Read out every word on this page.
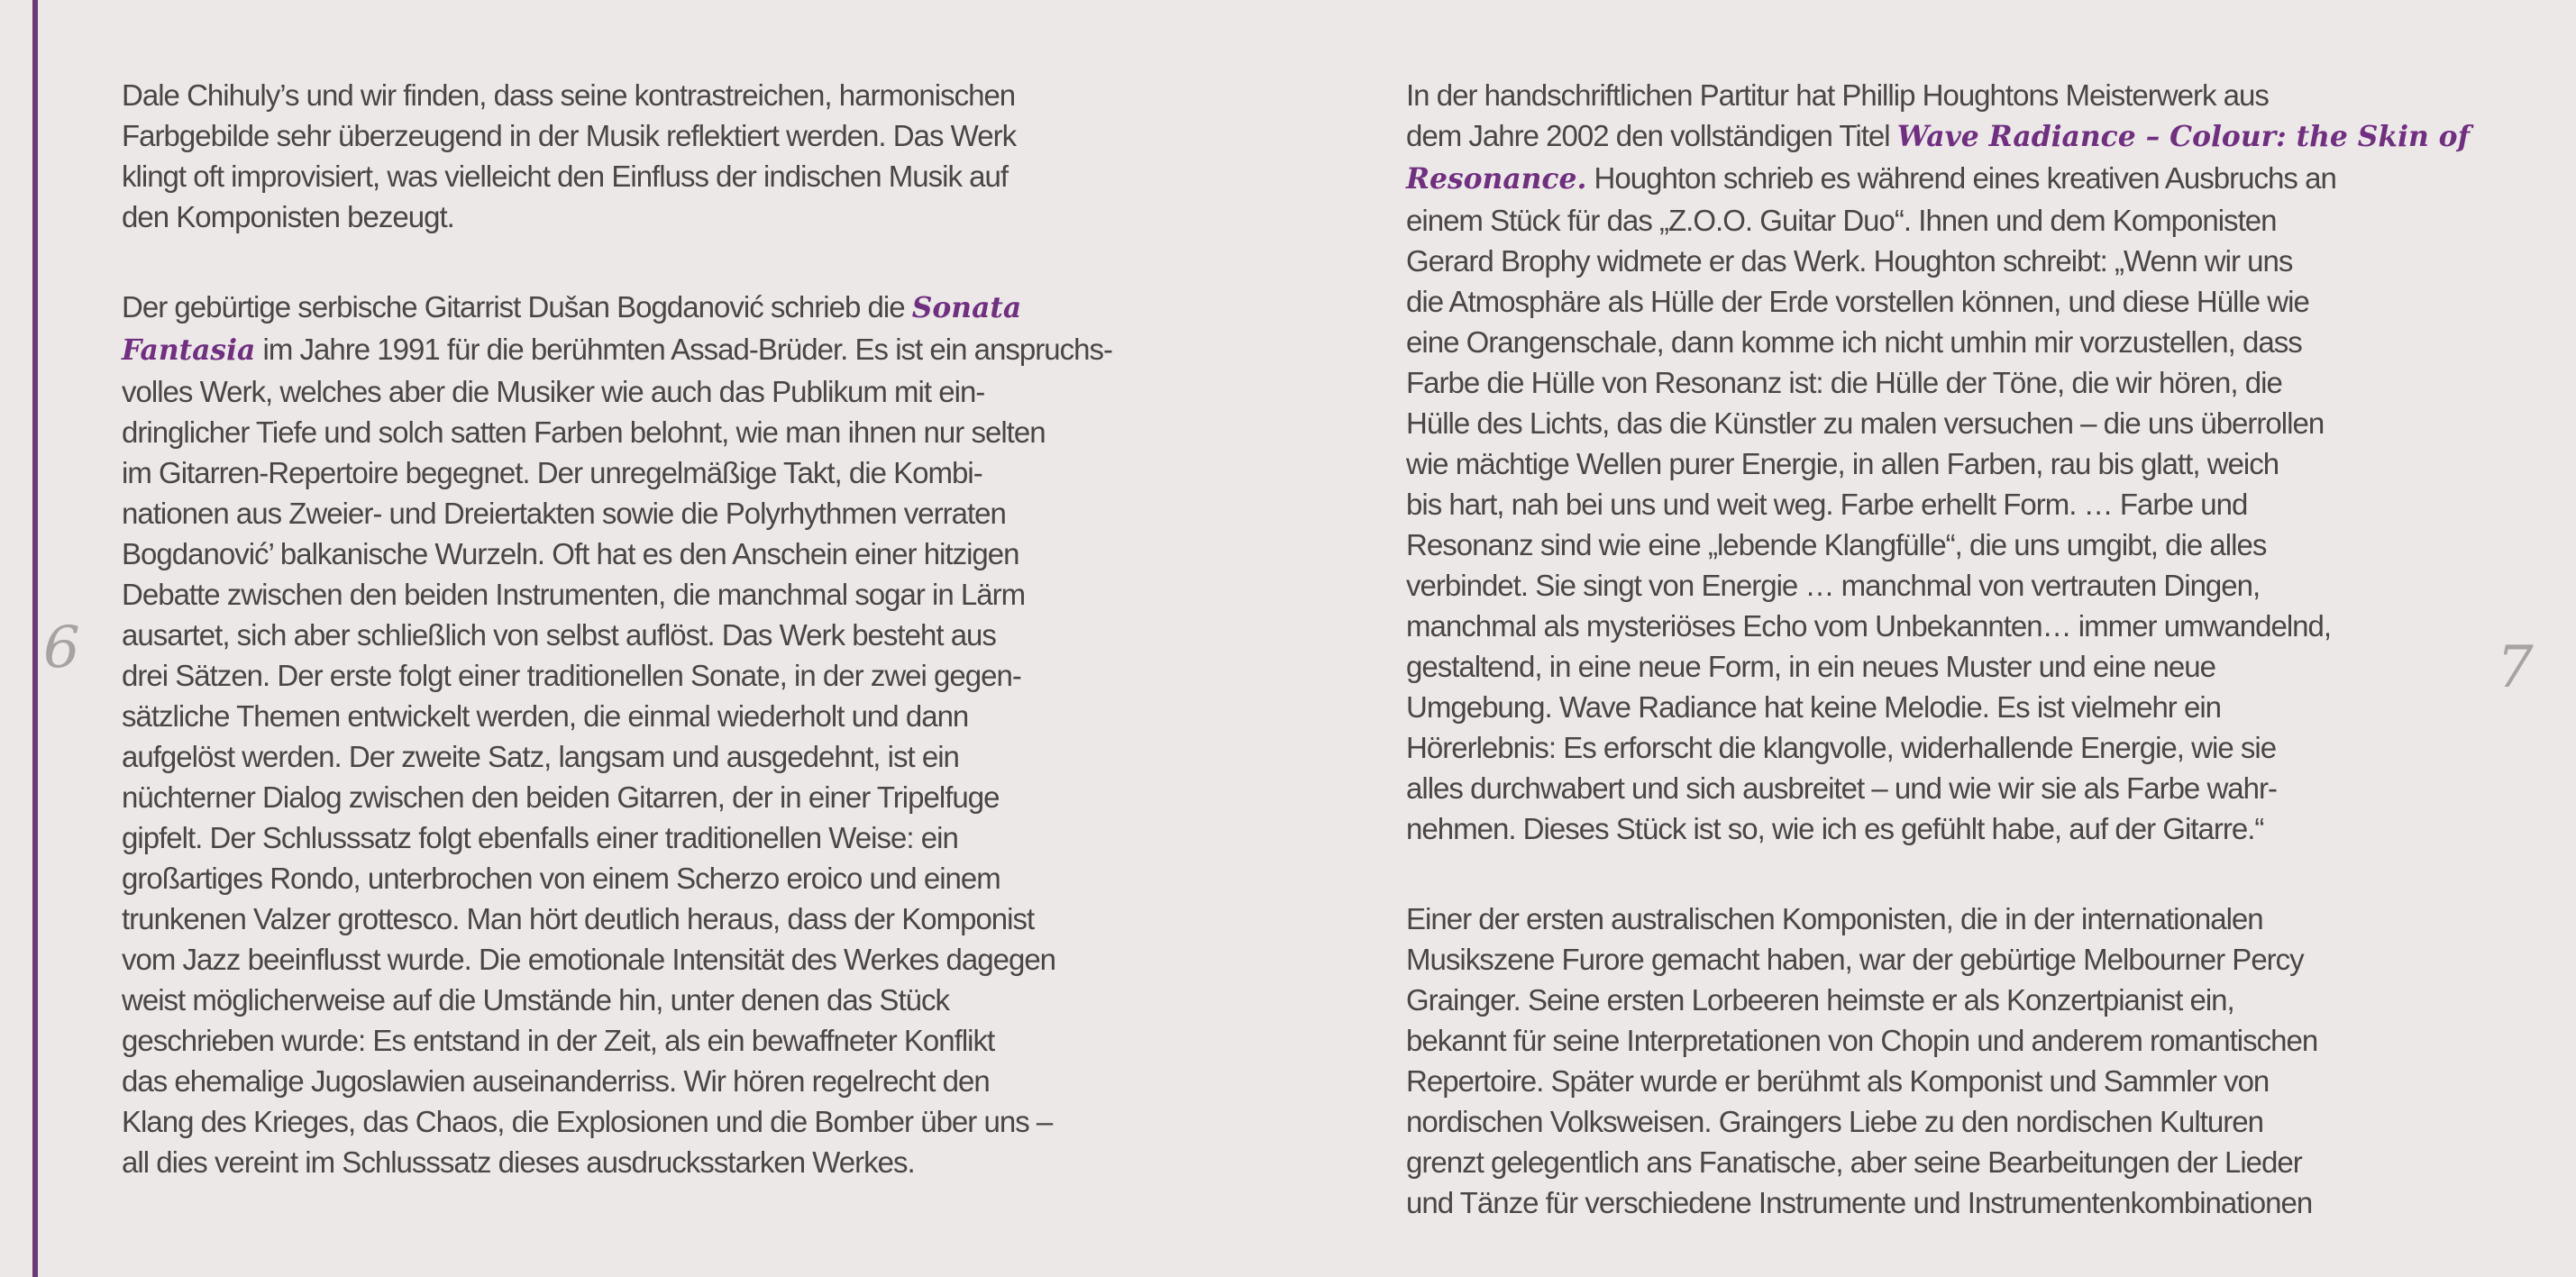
6	7
Dale Chihuly’s und wir finden, dass seine kontrastreichen, harmonischen
Farbgebilde sehr überzeugend in der Musik reflektiert werden. Das Werk
klingt oft improvisiert, was vielleicht den Einfluss der indischen Musik auf
den Komponisten bezeugt.
Der gebürtige serbische Gitarrist Dušan Bogdanović schrieb die Sonata
Fantasia im Jahre 1991 für die berühmten Assad-Brüder. Es ist ein anspruchs-
volles Werk, welches aber die Musiker wie auch das Publikum mit ein-
dringlicher Tiefe und solch satten Farben belohnt, wie man ihnen nur selten
im Gitarren-Repertoire begegnet. Der unregelmäßige Takt, die Kombi-
nationen aus Zweier- und Dreiertakten sowie die Polyrhythmen verraten
Bogdanović’ balkanische Wurzeln. Oft hat es den Anschein einer hitzigen
Debatte zwischen den beiden Instrumenten, die manchmal sogar in Lärm
ausartet, sich aber schließlich von selbst auflöst. Das Werk besteht aus
drei Sätzen. Der erste folgt einer traditionellen Sonate, in der zwei gegen-
sätzliche Themen entwickelt werden, die einmal wiederholt und dann
aufgelöst werden. Der zweite Satz, langsam und ausgedehnt, ist ein
nüchterner Dialog zwischen den beiden Gitarren, der in einer Tripelfuge
gipfelt. Der Schlusssatz folgt ebenfalls einer traditionellen Weise: ein
großartiges Rondo, unterbrochen von einem Scherzo eroico und einem
trunkenen Valzer grottesco. Man hört deutlich heraus, dass der Komponist
vom Jazz beeinflusst wurde. Die emotionale Intensität des Werkes dagegen
weist möglicherweise auf die Umstände hin, unter denen das Stück
geschrieben wurde: Es entstand in der Zeit, als ein bewaffneter Konflikt
das ehemalige Jugoslawien auseinanderriss. Wir hören regelrecht den
Klang des Krieges, das Chaos, die Explosionen und die Bomber über uns –
all dies vereint im Schlusssatz dieses ausdrucksstarken Werkes.
In der handschriftlichen Partitur hat Phillip Houghtons Meisterwerk aus
dem Jahre 2002 den vollständigen Titel Wave Radiance – Colour: the Skin of
Resonance. Houghton schrieb es während eines kreativen Ausbruchs an
einem Stück für das „Z.O.O. Guitar Duo“. Ihnen und dem Komponisten
Gerard Brophy widmete er das Werk. Houghton schreibt: „Wenn wir uns
die Atmosphäre als Hülle der Erde vorstellen können, und diese Hülle wie
eine Orangenschale, dann komme ich nicht umhin mir vorzustellen, dass
Farbe die Hülle von Resonanz ist: die Hülle der Töne, die wir hören, die
Hülle des Lichts, das die Künstler zu malen versuchen – die uns überrollen
wie mächtige Wellen purer Energie, in allen Farben, rau bis glatt, weich
bis hart, nah bei uns und weit weg. Farbe erhellt Form. … Farbe und
Resonanz sind wie eine „lebende Klangfülle“, die uns umgibt, die alles
verbindet. Sie singt von Energie … manchmal von vertrauten Dingen,
manchmal als mysteriöses Echo vom Unbekannten… immer umwandelnd,
gestaltend, in eine neue Form, in ein neues Muster und eine neue
Umgebung. Wave Radiance hat keine Melodie. Es ist vielmehr ein
Hörerlebnis: Es erforscht die klangvolle, widerhallende Energie, wie sie
alles durchwabert und sich ausbreitet – und wie wir sie als Farbe wahr-
nehmen. Dieses Stück ist so, wie ich es gefühlt habe, auf der Gitarre.“
Einer der ersten australischen Komponisten, die in der internationalen
Musikszene Furore gemacht haben, war der gebürtige Melbourner Percy
Grainger. Seine ersten Lorbeeren heimste er als Konzertpianist ein,
bekannt für seine Interpretationen von Chopin und anderem romantischen
Repertoire. Später wurde er berühmt als Komponist und Sammler von
nordischen Volksweisen. Graingers Liebe zu den nordischen Kulturen
grenzt gelegentlich ans Fanatische, aber seine Bearbeitungen der Lieder
und Tänze für verschiedene Instrumente und Instrumentenkombinationen
